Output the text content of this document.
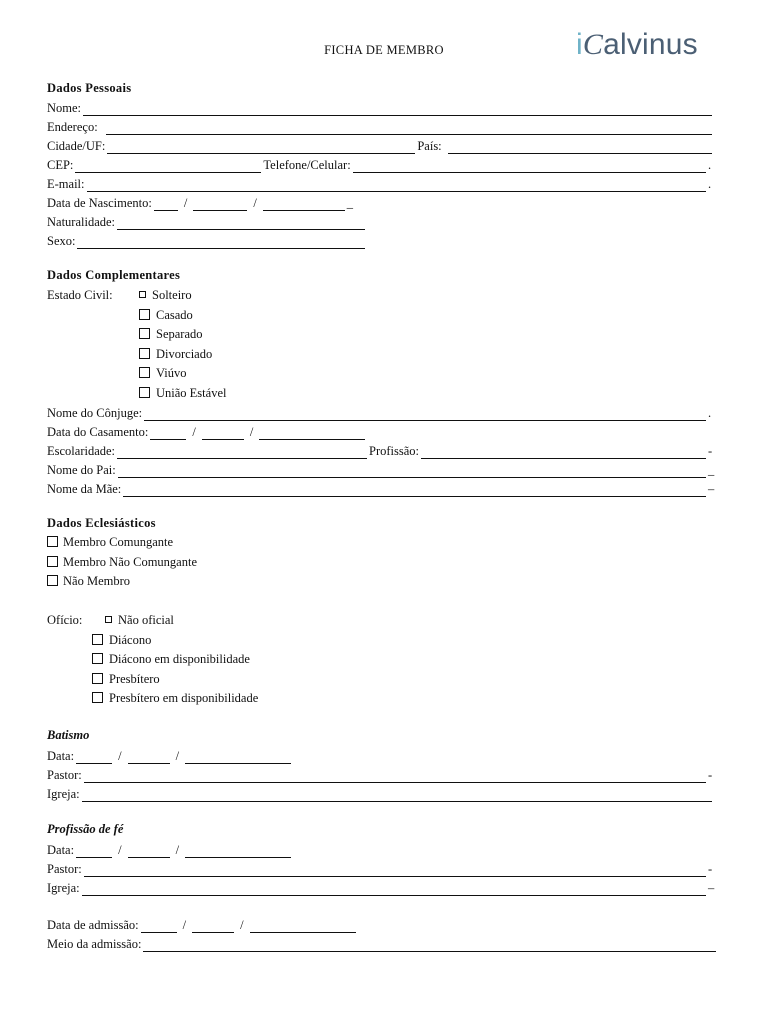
FICHA DE MEMBRO	iCalvinus
Dados Pessoais
Nome:
Endereço:
Cidade/UF:	País:
CEP:	Telefone/Celular:	.
E-mail:	.
Data de Nascimento:	/	/	_
Naturalidade:
Sexo:
Dados Complementares
Estado Civil:	Solteiro
Casado
Separado
Divorciado
Viúvo
União Estável
Nome do Cônjuge:	.
Data do Casamento:	/	/
Escolaridade:	Profissão:	-
Nome do Pai:	_
Nome da Mãe:	–
Dados Eclesiásticos
Membro Comungante
Membro Não Comungante
Não Membro
Ofício:	Não oficial
Diácono
Diácono em disponibilidade
Presbítero
Presbítero em disponibilidade
Batismo
Data:	/	/
Pastor:	-
Igreja:
Profissão de fé
Data:	/	/
Pastor:	-
Igreja:	–
Data de admissão:	/	/
Meio da admissão:
